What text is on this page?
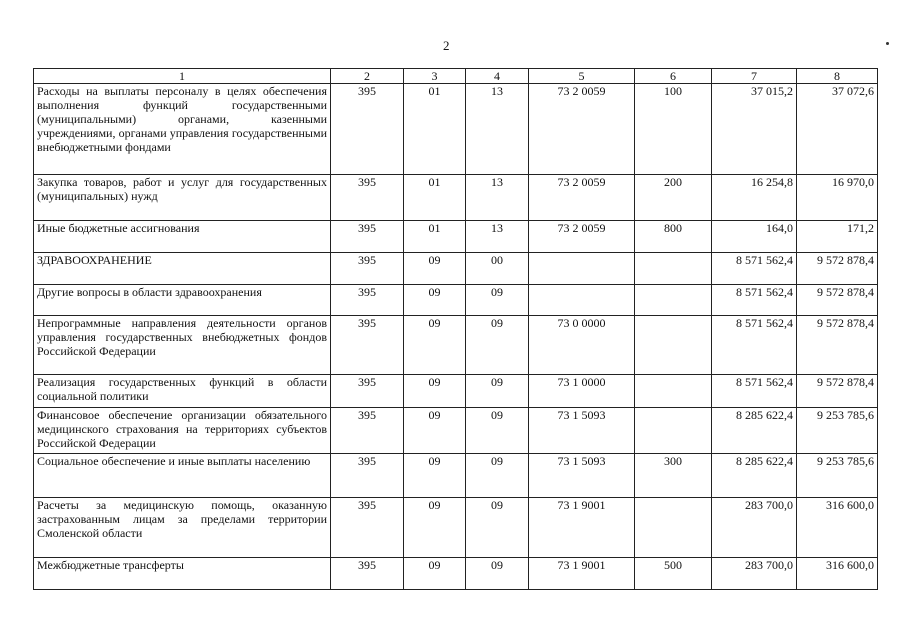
2
1	2	3	4	5	6	7	8
Расходы на выплаты персоналу в целях обеспечения выполнения функций государственными (муниципальными) органами, казенными учреждениями, органами управления государственными внебюджетными фондами	395	01	13	73 2 0059	100	37 015,2	37 072,6
Закупка товаров, работ и услуг для государственных (муниципальных) нужд	395	01	13	73 2 0059	200	16 254,8	16 970,0
Иные бюджетные ассигнования	395	01	13	73 2 0059	800	164,0	171,2
ЗДРАВООХРАНЕНИЕ	395	09	00			8 571 562,4	9 572 878,4
Другие вопросы в области здравоохранения	395	09	09			8 571 562,4	9 572 878,4
Непрограммные направления деятельности органов управления государственных внебюджетных фондов Российской Федерации	395	09	09	73 0 0000		8 571 562,4	9 572 878,4
Реализация государственных функций в области социальной политики	395	09	09	73 1 0000		8 571 562,4	9 572 878,4
Финансовое обеспечение организации обязательного медицинского страхования на территориях субъектов Российской Федерации	395	09	09	73 1 5093		8 285 622,4	9 253 785,6
Социальное обеспечение и иные выплаты населению	395	09	09	73 1 5093	300	8 285 622,4	9 253 785,6
Расчеты за медицинскую помощь, оказанную застрахованным лицам за пределами территории Смоленской области	395	09	09	73 1 9001		283 700,0	316 600,0
Межбюджетные трансферты	395	09	09	73 1 9001	500	283 700,0	316 600,0
